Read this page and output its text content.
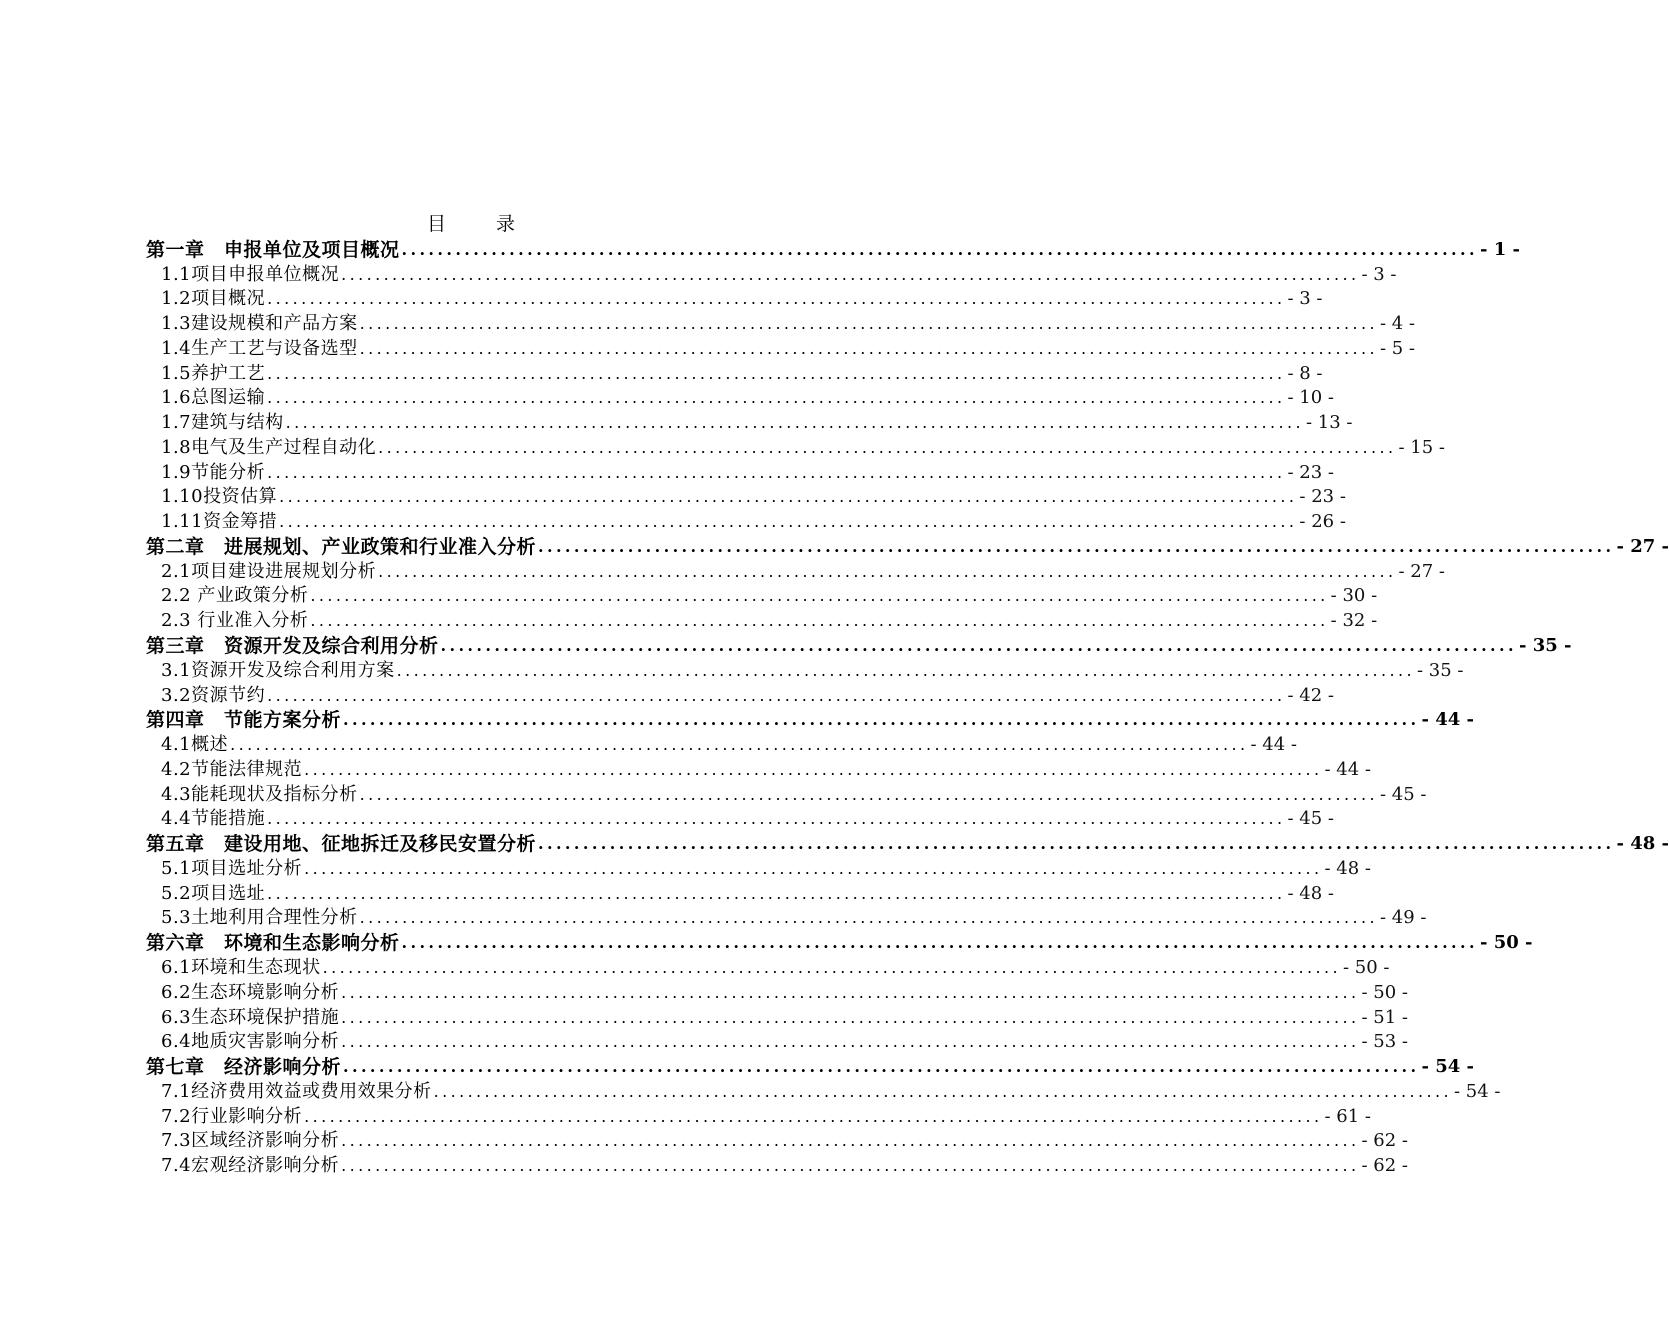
目 录
第一章　申报单位及项目概况 ........................................................................................................................ - 1 -
1.1项目申报单位概况 ........................................................................................................................ - 3 -
1.2项目概况 ........................................................................................................................ - 3 -
1.3建设规模和产品方案 ........................................................................................................................ - 4 -
1.4生产工艺与设备选型 ........................................................................................................................ - 5 -
1.5养护工艺 ........................................................................................................................ - 8 -
1.6总图运输 ........................................................................................................................ - 10 -
1.7建筑与结构 ........................................................................................................................ - 13 -
1.8电气及生产过程自动化 ........................................................................................................................ - 15 -
1.9节能分析 ........................................................................................................................ - 23 -
1.10投资估算 ........................................................................................................................ - 23 -
1.11资金筹措 ........................................................................................................................ - 26 -
第二章　进展规划、产业政策和行业准入分析 ........................................................................................................................ - 27 -
2.1项目建设进展规划分析 ........................................................................................................................ - 27 -
2.2 产业政策分析 ........................................................................................................................ - 30 -
2.3 行业准入分析 ........................................................................................................................ - 32 -
第三章　资源开发及综合利用分析 ........................................................................................................................ - 35 -
3.1资源开发及综合利用方案 ........................................................................................................................ - 35 -
3.2资源节约 ........................................................................................................................ - 42 -
第四章　节能方案分析 ........................................................................................................................ - 44 -
4.1概述 ........................................................................................................................ - 44 -
4.2节能法律规范 ........................................................................................................................ - 44 -
4.3能耗现状及指标分析 ........................................................................................................................ - 45 -
4.4节能措施 ........................................................................................................................ - 45 -
第五章　建设用地、征地拆迁及移民安置分析 ........................................................................................................................ - 48 -
5.1项目选址分析 ........................................................................................................................ - 48 -
5.2项目选址 ........................................................................................................................ - 48 -
5.3土地利用合理性分析 ........................................................................................................................ - 49 -
第六章　环境和生态影响分析 ........................................................................................................................ - 50 -
6.1环境和生态现状 ........................................................................................................................ - 50 -
6.2生态环境影响分析 ........................................................................................................................ - 50 -
6.3生态环境保护措施 ........................................................................................................................ - 51 -
6.4地质灾害影响分析 ........................................................................................................................ - 53 -
第七章　经济影响分析 ........................................................................................................................ - 54 -
7.1经济费用效益或费用效果分析 ........................................................................................................................ - 54 -
7.2行业影响分析 ........................................................................................................................ - 61 -
7.3区域经济影响分析 ........................................................................................................................ - 62 -
7.4宏观经济影响分析 ........................................................................................................................ - 62 -
